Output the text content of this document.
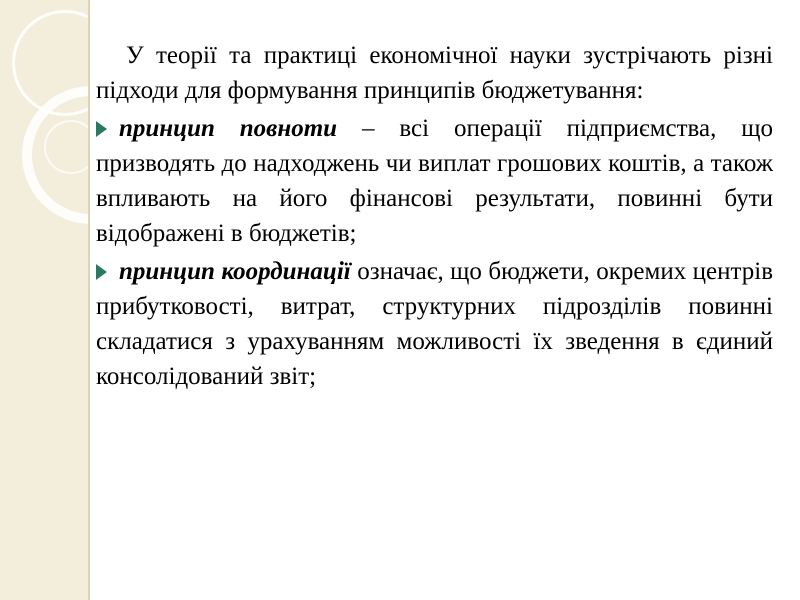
У теорії та практиці економічної науки зустрічають різні підходи для формування принципів бюджетування:

принцип повноти – всі операції підприємства, що призводять до надходжень чи виплат грошових коштів, а також впливають на його фінансові результати, повинні бути відображені в бюджетів;
принцип координації означає, що бюджети, окремих центрів прибутковості, витрат, структурних підрозділів повинні складатися з урахуванням можливості їх зведення в єдиний консолідований звіт;
